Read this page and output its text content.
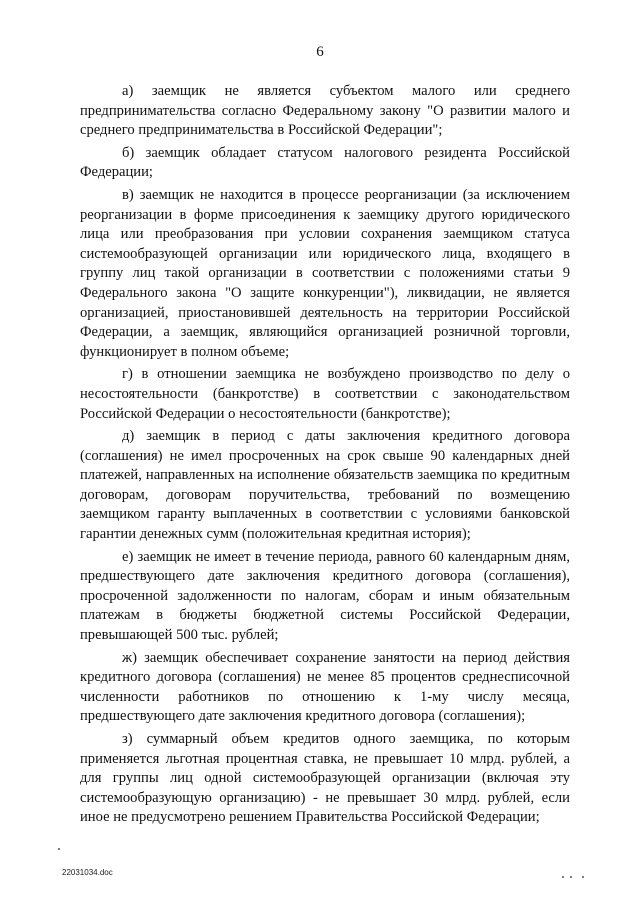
6

а) заемщик не является субъектом малого или среднего предпринимательства согласно Федеральному закону "О развитии малого и среднего предпринимательства в Российской Федерации";

б) заемщик обладает статусом налогового резидента Российской Федерации;

в) заемщик не находится в процессе реорганизации (за исключением реорганизации в форме присоединения к заемщику другого юридического лица или преобразования при условии сохранения заемщиком статуса системообразующей организации или юридического лица, входящего в группу лиц такой организации в соответствии с положениями статьи 9 Федерального закона "О защите конкуренции"), ликвидации, не является организацией, приостановившей деятельность на территории Российской Федерации, а заемщик, являющийся организацией розничной торговли, функционирует в полном объеме;

г) в отношении заемщика не возбуждено производство по делу о несостоятельности (банкротстве) в соответствии с законодательством Российской Федерации о несостоятельности (банкротстве);

д) заемщик в период с даты заключения кредитного договора (соглашения) не имел просроченных на срок свыше 90 календарных дней платежей, направленных на исполнение обязательств заемщика по кредитным договорам, договорам поручительства, требований по возмещению заемщиком гаранту выплаченных в соответствии с условиями банковской гарантии денежных сумм (положительная кредитная история);

е) заемщик не имеет в течение периода, равного 60 календарным дням, предшествующего дате заключения кредитного договора (соглашения), просроченной задолженности по налогам, сборам и иным обязательным платежам в бюджеты бюджетной системы Российской Федерации, превышающей 500 тыс. рублей;

ж) заемщик обеспечивает сохранение занятости на период действия кредитного договора (соглашения) не менее 85 процентов среднесписочной численности работников по отношению к 1-му числу месяца, предшествующего дате заключения кредитного договора (соглашения);

з) суммарный объем кредитов одного заемщика, по которым применяется льготная процентная ставка, не превышает 10 млрд. рублей, а для группы лиц одной системообразующей организации (включая эту системообразующую организацию) - не превышает 30 млрд. рублей, если иное не предусмотрено решением Правительства Российской Федерации;

22031034.doc
